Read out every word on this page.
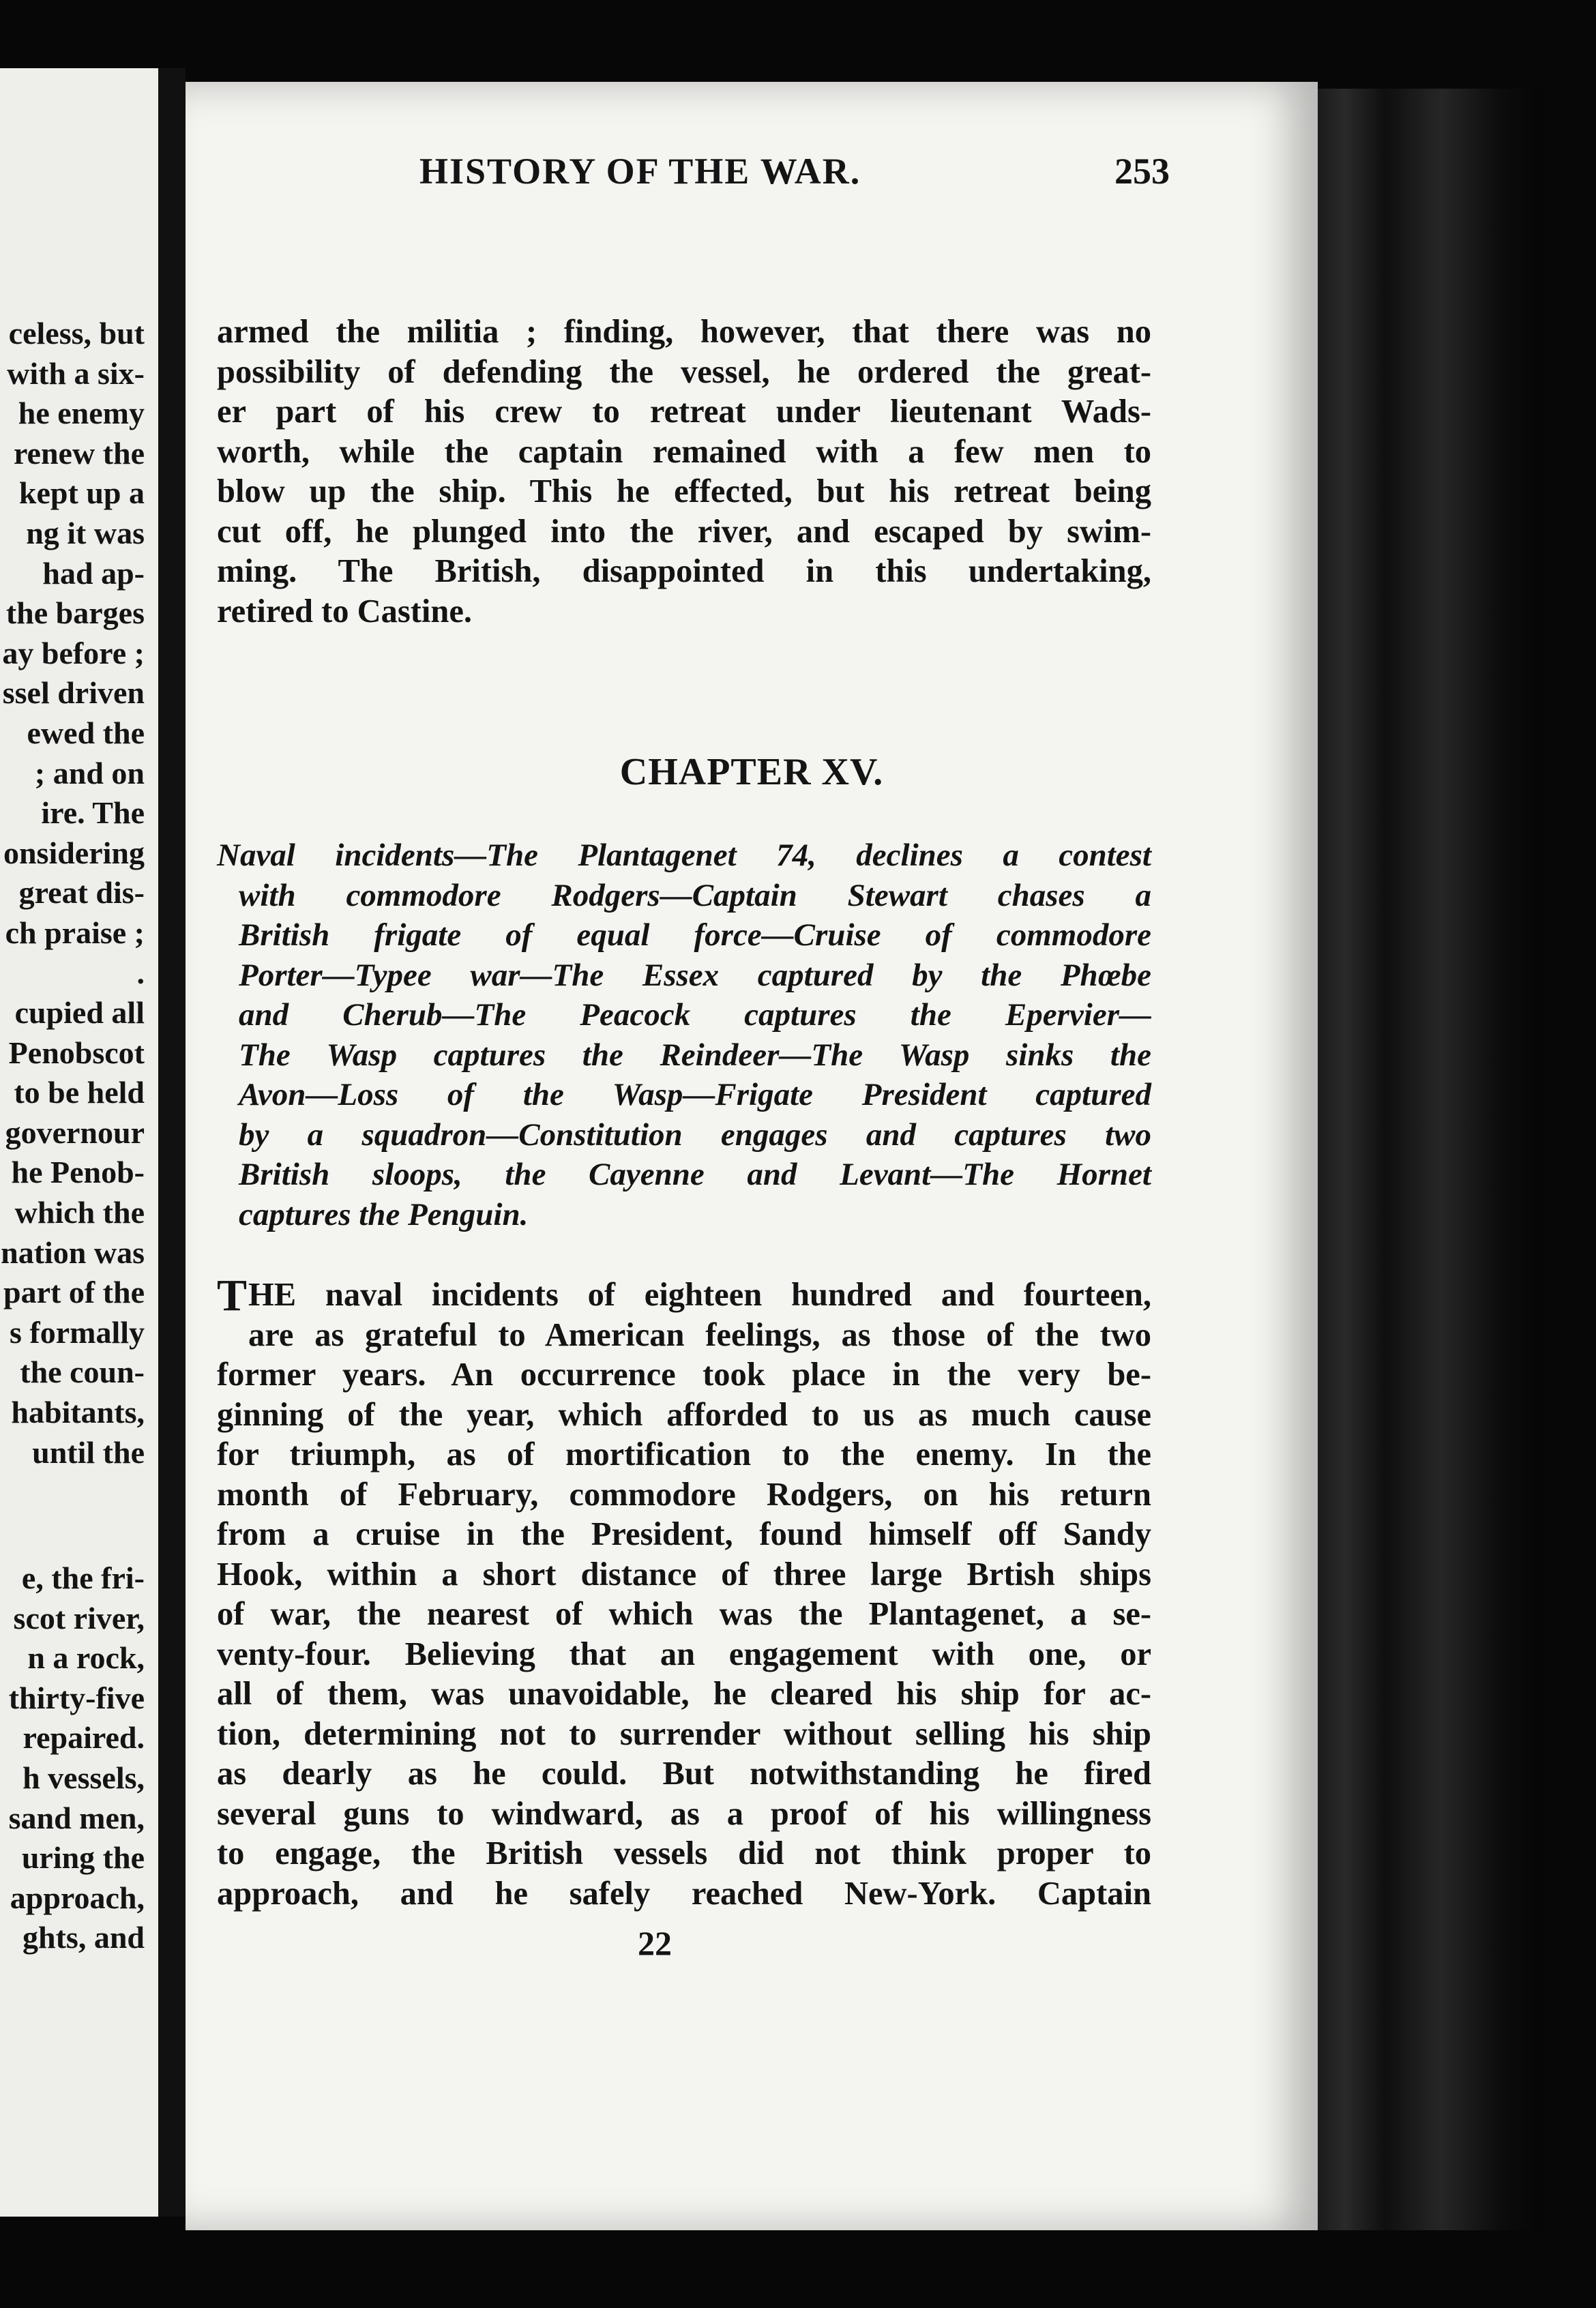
celess, but
with a six-
he enemy
renew the
kept up a
ng it was
had ap-
the barges
ay before ;
ssel driven
ewed the
; and on
ire. The
onsidering
great dis-
ch praise ;
.
cupied all
Penobscot
to be held
governour
he Penob-
which the
nation was
part of the
s formally
the coun-
habitants,
until the
e, the fri-
scot river,
n a rock,
thirty-five
repaired.
h vessels,
sand men,
uring the
approach,
ghts, and
HISTORY OF THE WAR.	253
armed the militia ; finding, however, that there was no
possibility of defending the vessel, he ordered the great-
er part of his crew to retreat under lieutenant Wads-
worth, while the captain remained with a few men to
blow up the ship. This he effected, but his retreat being
cut off, he plunged into the river, and escaped by swim-
ming. The British, disappointed in this undertaking,
retired to Castine.
CHAPTER XV.
Naval incidents—The Plantagenet 74, declines a contest
with commodore Rodgers—Captain Stewart chases a
British frigate of equal force—Cruise of commodore
Porter—Typee war—The Essex captured by the Phœbe
and Cherub—The Peacock captures the Epervier—
The Wasp captures the Reindeer—The Wasp sinks the
Avon—Loss of the Wasp—Frigate President captured
by a squadron—Constitution engages and captures two
British sloops, the Cayenne and Levant—The Hornet
captures the Penguin.
T HE naval incidents of eighteen hundred and fourteen,
are as grateful to American feelings, as those of the two
former years. An occurrence took place in the very be-
ginning of the year, which afforded to us as much cause
for triumph, as of mortification to the enemy. In the
month of February, commodore Rodgers, on his return
from a cruise in the President, found himself off Sandy
Hook, within a short distance of three large Brtish ships
of war, the nearest of which was the Plantagenet, a se-
venty-four. Believing that an engagement with one, or
all of them, was unavoidable, he cleared his ship for ac-
tion, determining not to surrender without selling his ship
as dearly as he could. But notwithstanding he fired
several guns to windward, as a proof of his willingness
to engage, the British vessels did not think proper to
approach, and he safely reached New-York. Captain
22
